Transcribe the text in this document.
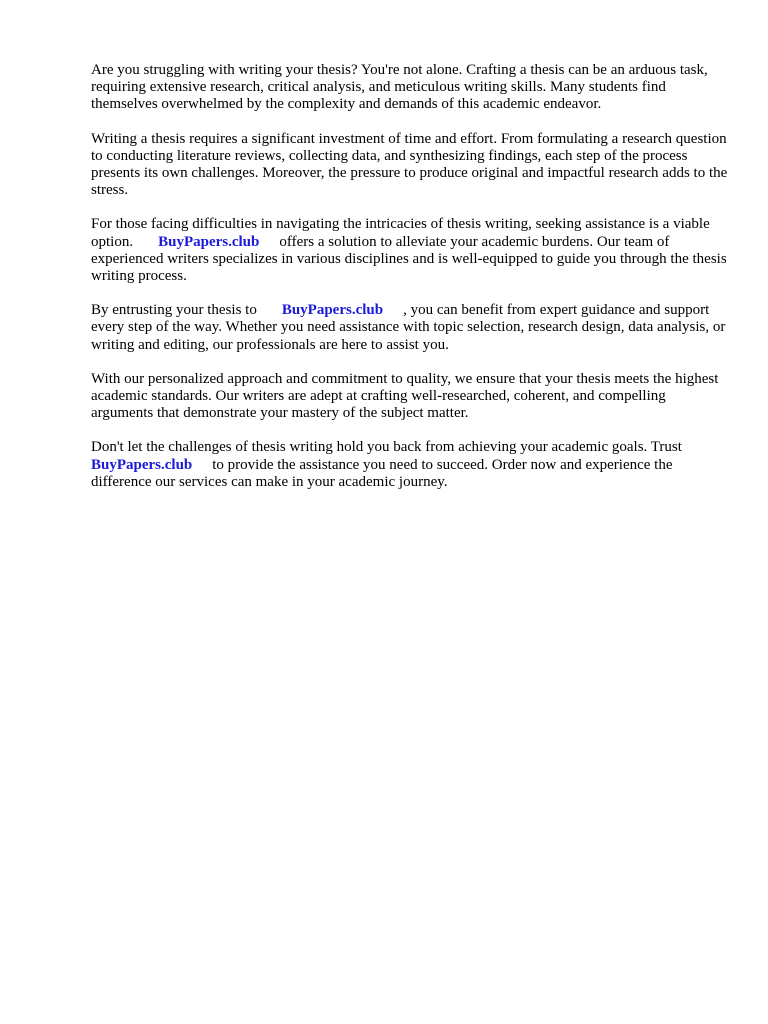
Are you struggling with writing your thesis? You're not alone. Crafting a thesis can be an arduous task, requiring extensive research, critical analysis, and meticulous writing skills. Many students find themselves overwhelmed by the complexity and demands of this academic endeavor.

Writing a thesis requires a significant investment of time and effort. From formulating a research question to conducting literature reviews, collecting data, and synthesizing findings, each step of the process presents its own challenges. Moreover, the pressure to produce original and impactful research adds to the stress.

For those facing difficulties in navigating the intricacies of thesis writing, seeking assistance is a viable option. BuyPapers.club offers a solution to alleviate your academic burdens. Our team of experienced writers specializes in various disciplines and is well-equipped to guide you through the thesis writing process.

By entrusting your thesis to BuyPapers.club , you can benefit from expert guidance and support every step of the way. Whether you need assistance with topic selection, research design, data analysis, or writing and editing, our professionals are here to assist you.

With our personalized approach and commitment to quality, we ensure that your thesis meets the highest academic standards. Our writers are adept at crafting well-researched, coherent, and compelling arguments that demonstrate your mastery of the subject matter.

Don't let the challenges of thesis writing hold you back from achieving your academic goals. Trust BuyPapers.club to provide the assistance you need to succeed. Order now and experience the difference our services can make in your academic journey.
